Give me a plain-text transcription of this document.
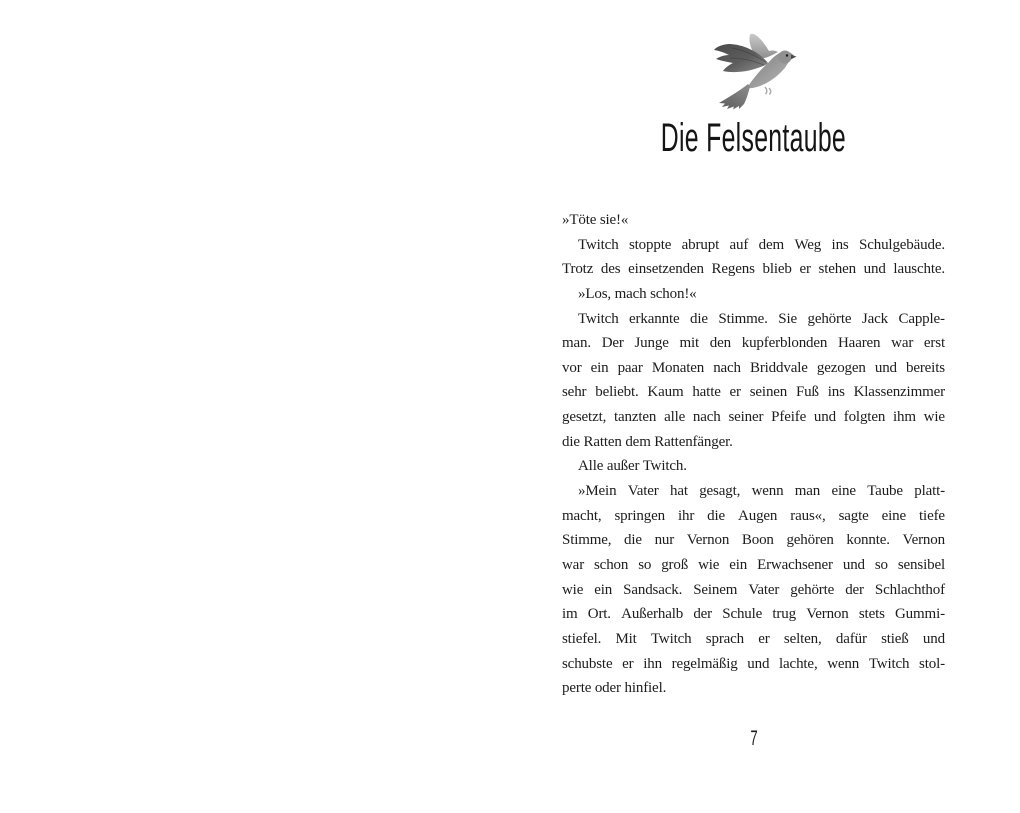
Die Felsentaube
»Töte sie!«
Twitch stoppte abrupt auf dem Weg ins Schulgebäude.
Trotz des einsetzenden Regens blieb er stehen und lauschte.
»Los, mach schon!«
Twitch erkannte die Stimme. Sie gehörte Jack Capple-
man. Der Junge mit den kupferblonden Haaren war erst
vor ein paar Monaten nach Briddvale gezogen und bereits
sehr beliebt. Kaum hatte er seinen Fuß ins Klassenzimmer
gesetzt, tanzten alle nach seiner Pfeife und folgten ihm wie
die Ratten dem Rattenfänger.
Alle außer Twitch.
»Mein Vater hat gesagt, wenn man eine Taube platt-
macht, springen ihr die Augen raus«, sagte eine tiefe
Stimme, die nur Vernon Boon gehören konnte. Vernon
war schon so groß wie ein Erwachsener und so sensibel
wie ein Sandsack. Seinem Vater gehörte der Schlachthof
im Ort. Außerhalb der Schule trug Vernon stets Gummi-
stiefel. Mit Twitch sprach er selten, dafür stieß und
schubste er ihn regelmäßig und lachte, wenn Twitch stol-
perte oder hinfiel.
7
